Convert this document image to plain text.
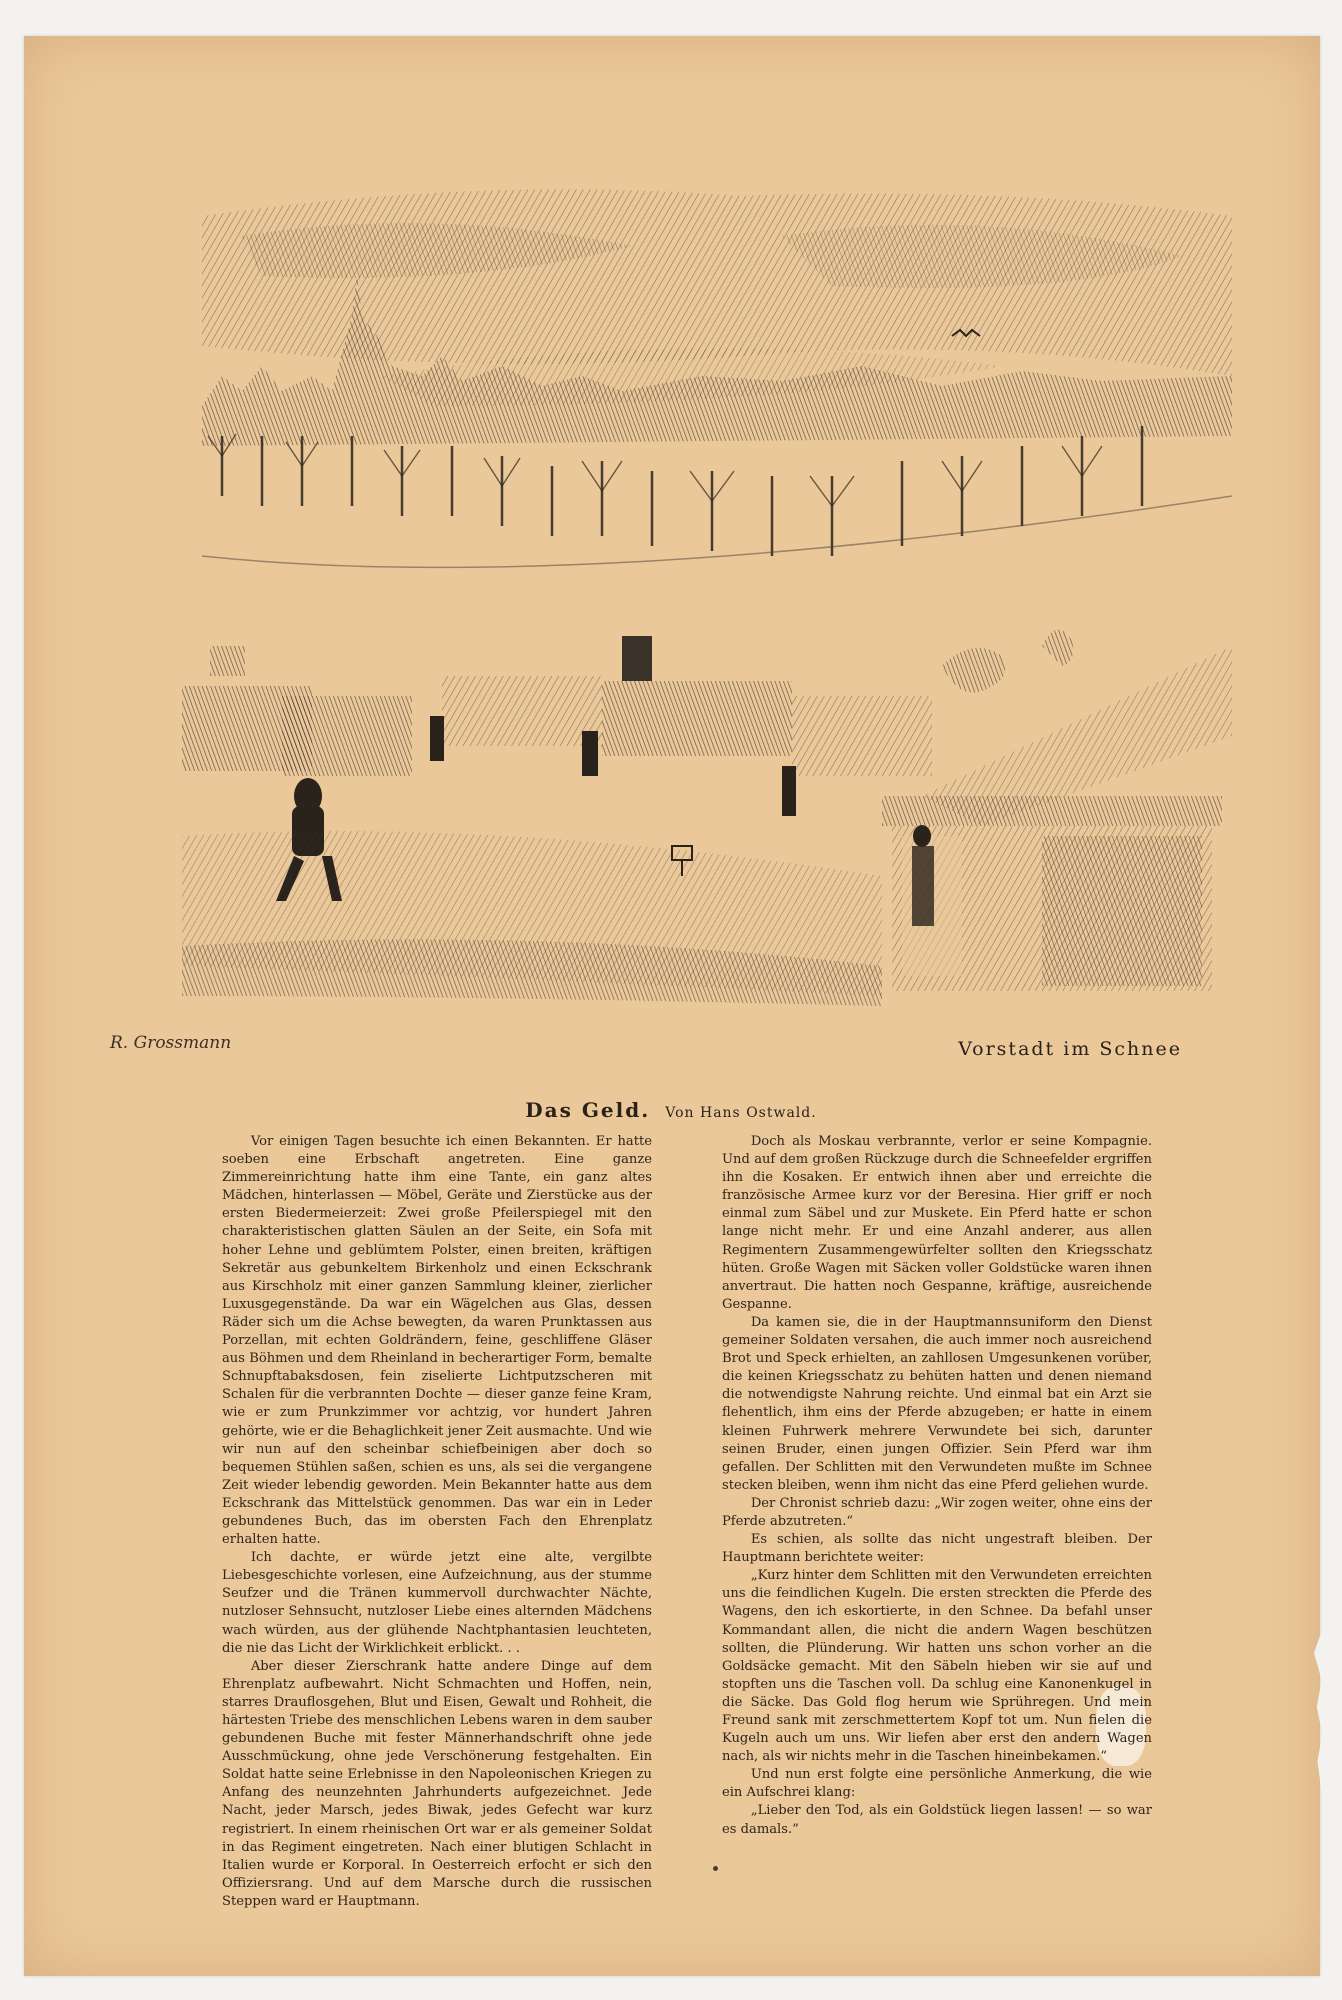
R. Grossmann	Vorstadt im Schnee
Das Geld. Von Hans Ostwald.

Vor einigen Tagen besuchte ich einen Bekannten. Er hatte soeben eine Erbschaft angetreten. Eine ganze Zimmereinrichtung hatte ihm eine Tante, ein ganz altes Mädchen, hinterlassen — Möbel, Geräte und Zierstücke aus der ersten Biedermeierzeit: Zwei große Pfeilerspiegel mit den charakteristischen glatten Säulen an der Seite, ein Sofa mit hoher Lehne und geblümtem Polster, einen breiten, kräftigen Sekretär aus gebunkeltem Birkenholz und einen Eckschrank aus Kirschholz mit einer ganzen Sammlung kleiner, zierlicher Luxusgegenstände. Da war ein Wägelchen aus Glas, dessen Räder sich um die Achse bewegten, da waren Prunktassen aus Porzellan, mit echten Goldrändern, feine, geschliffene Gläser aus Böhmen und dem Rheinland in becherartiger Form, bemalte Schnupftabaksdosen, fein ziselierte Lichtputzscheren mit Schalen für die verbrannten Dochte — dieser ganze feine Kram, wie er zum Prunkzimmer vor achtzig, vor hundert Jahren gehörte, wie er die Behaglichkeit jener Zeit ausmachte. Und wie wir nun auf den scheinbar schiefbeinigen aber doch so bequemen Stühlen saßen, schien es uns, als sei die vergangene Zeit wieder lebendig geworden. Mein Bekannter hatte aus dem Eckschrank das Mittelstück genommen. Das war ein in Leder gebundenes Buch, das im obersten Fach den Ehrenplatz erhalten hatte.

Ich dachte, er würde jetzt eine alte, vergilbte Liebesgeschichte vorlesen, eine Aufzeichnung, aus der stumme Seufzer und die Tränen kummervoll durchwachter Nächte, nutzloser Sehnsucht, nutzloser Liebe eines alternden Mädchens wach würden, aus der glühende Nachtphantasien leuchteten, die nie das Licht der Wirklichkeit erblickt. . .

Aber dieser Zierschrank hatte andere Dinge auf dem Ehrenplatz aufbewahrt. Nicht Schmachten und Hoffen, nein, starres Drauflosgehen, Blut und Eisen, Gewalt und Rohheit, die härtesten Triebe des menschlichen Lebens waren in dem sauber gebundenen Buche mit fester Männerhandschrift ohne jede Ausschmückung, ohne jede Verschönerung festgehalten. Ein Soldat hatte seine Erlebnisse in den Napoleonischen Kriegen zu Anfang des neunzehnten Jahrhunderts aufgezeichnet. Jede Nacht, jeder Marsch, jedes Biwak, jedes Gefecht war kurz registriert. In einem rheinischen Ort war er als gemeiner Soldat in das Regiment eingetreten. Nach einer blutigen Schlacht in Italien wurde er Korporal. In Oesterreich erfocht er sich den Offiziersrang. Und auf dem Marsche durch die russischen Steppen ward er Hauptmann.

Doch als Moskau verbrannte, verlor er seine Kompagnie. Und auf dem großen Rückzuge durch die Schneefelder ergriffen ihn die Kosaken. Er entwich ihnen aber und erreichte die französische Armee kurz vor der Beresina. Hier griff er noch einmal zum Säbel und zur Muskete. Ein Pferd hatte er schon lange nicht mehr. Er und eine Anzahl anderer, aus allen Regimentern Zusammengewürfelter sollten den Kriegsschatz hüten. Große Wagen mit Säcken voller Goldstücke waren ihnen anvertraut. Die hatten noch Gespanne, kräftige, ausreichende Gespanne.

Da kamen sie, die in der Hauptmannsuniform den Dienst gemeiner Soldaten versahen, die auch immer noch ausreichend Brot und Speck erhielten, an zahllosen Umgesunkenen vorüber, die keinen Kriegsschatz zu behüten hatten und denen niemand die notwendigste Nahrung reichte. Und einmal bat ein Arzt sie flehentlich, ihm eins der Pferde abzugeben; er hatte in einem kleinen Fuhrwerk mehrere Verwundete bei sich, darunter seinen Bruder, einen jungen Offizier. Sein Pferd war ihm gefallen. Der Schlitten mit den Verwundeten mußte im Schnee stecken bleiben, wenn ihm nicht das eine Pferd geliehen wurde.

Der Chronist schrieb dazu: „Wir zogen weiter, ohne eins der Pferde abzutreten.“

Es schien, als sollte das nicht ungestraft bleiben. Der Hauptmann berichtete weiter:

„Kurz hinter dem Schlitten mit den Verwundeten erreichten uns die feindlichen Kugeln. Die ersten streckten die Pferde des Wagens, den ich eskortierte, in den Schnee. Da befahl unser Kommandant allen, die nicht die andern Wagen beschützen sollten, die Plünderung. Wir hatten uns schon vorher an die Goldsäcke gemacht. Mit den Säbeln hieben wir sie auf und stopften uns die Taschen voll. Da schlug eine Kanonenkugel in die Säcke. Das Gold flog herum wie Sprühregen. Und mein Freund sank mit zerschmettertem Kopf tot um. Nun fielen die Kugeln auch um uns. Wir liefen aber erst den andern Wagen nach, als wir nichts mehr in die Taschen hineinbekamen.“

Und nun erst folgte eine persönliche Anmerkung, die wie ein Aufschrei klang:

„Lieber den Tod, als ein Goldstück liegen lassen! — so war es damals.“
